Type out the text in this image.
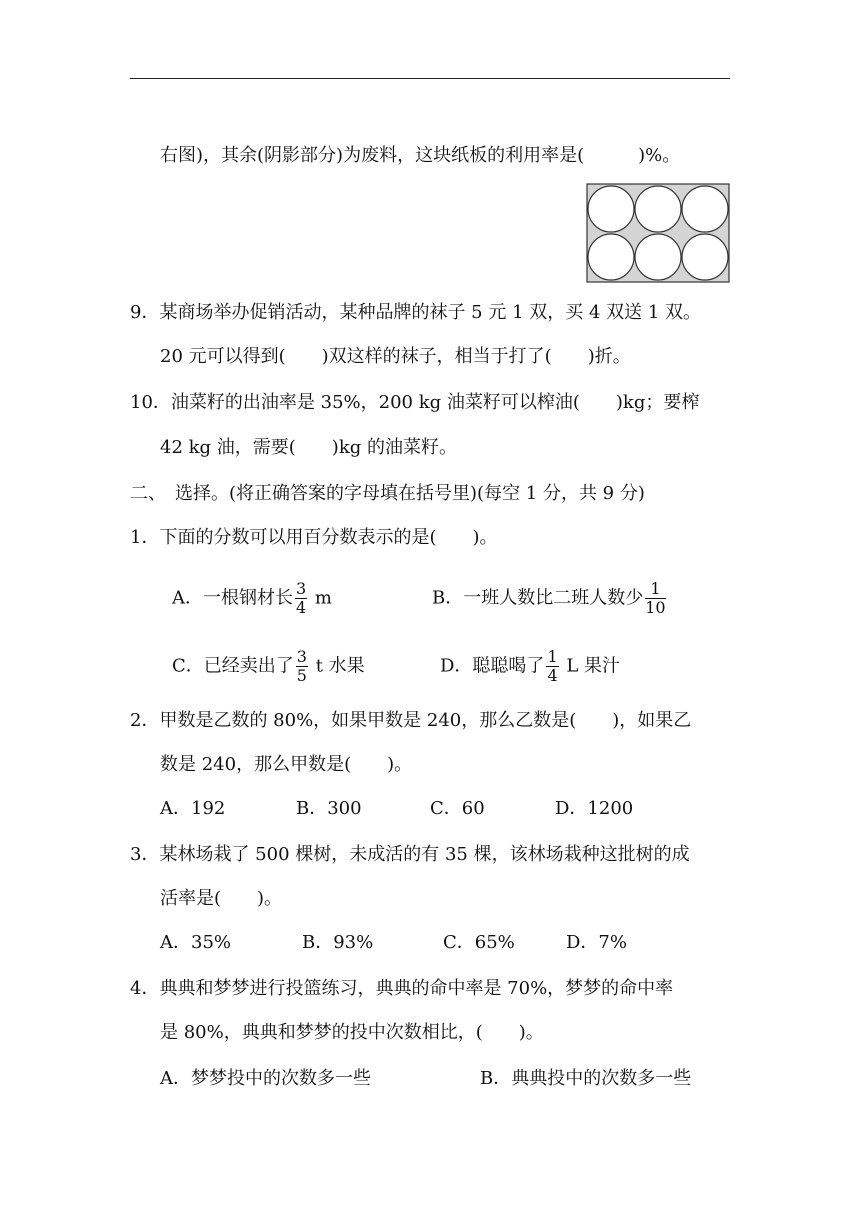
右图)，其余(阴影部分)为废料，这块纸板的利用率是(　　　)%。
9．某商场举办促销活动，某种品牌的袜子 5 元 1 双，买 4 双送 1 双。
20 元可以得到(　　)双这样的袜子，相当于打了(　　)折。
10．油菜籽的出油率是 35%，200 kg 油菜籽可以榨油(　　)kg；要榨
42 kg 油，需要(　　)kg 的油菜籽。
二、　选择。(将正确答案的字母填在括号里)(每空 1 分，共 9 分)
1．下面的分数可以用百分数表示的是(　　)。
A．一根钢材长 $\frac{3}{4}$ m	B．一班人数比二班人数少 $\frac{1}{10}$
C．已经卖出了 $\frac{3}{5}$ t 水果	D．聪聪喝了 $\frac{1}{4}$ L 果汁
2．甲数是乙数的 80%，如果甲数是 240，那么乙数是(　　)，如果乙
数是 240，那么甲数是(　　)。
A．192	B．300	C．60	D．1200
3．某林场栽了 500 棵树，未成活的有 35 棵，该林场栽种这批树的成
活率是(　　)。
A．35%	B．93%	C．65%	D．7%
4．典典和梦梦进行投篮练习，典典的命中率是 70%，梦梦的命中率
是 80%，典典和梦梦的投中次数相比，(　　)。
A．梦梦投中的次数多一些	B．典典投中的次数多一些
